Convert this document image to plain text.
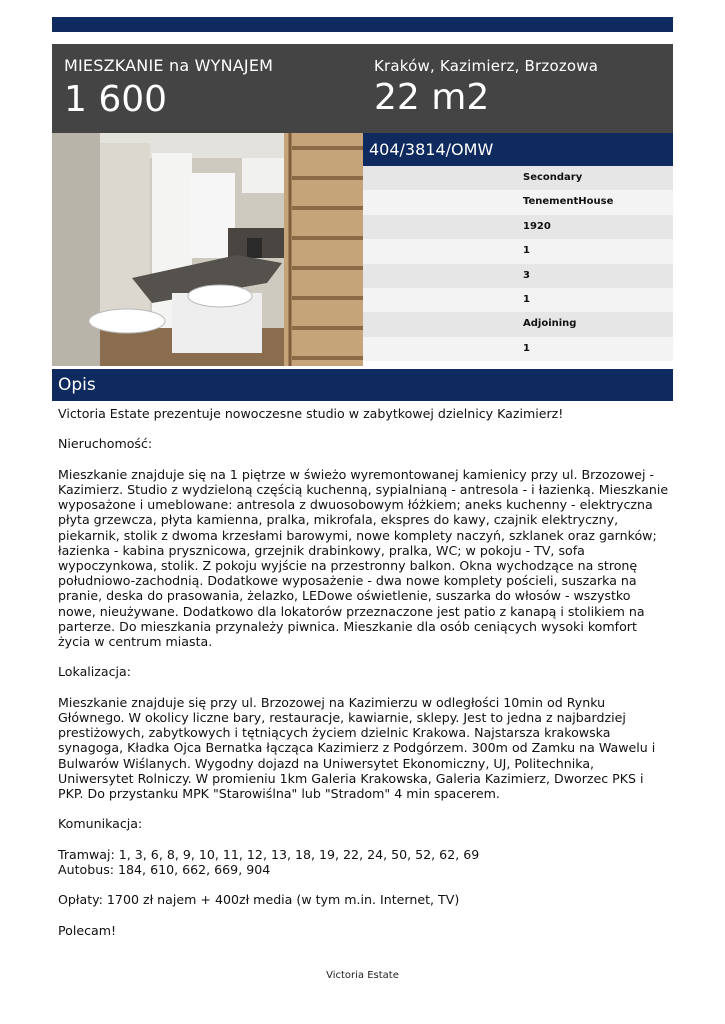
MIESZKANIE na WYNAJEM
1 600
Kraków, Kazimierz, Brzozowa
22 m2
404/3814/OMW
Secondary
TenementHouse
1920
1
3
1
Adjoining
1
Opis

Victoria Estate prezentuje nowoczesne studio w zabytkowej dzielnicy Kazimierz!

Nieruchomość:

Mieszkanie znajduje się na 1 piętrze w świeżo wyremontowanej kamienicy przy ul. Brzozowej - Kazimierz. Studio z wydzieloną częścią kuchenną, sypialnianą - antresola - i łazienką. Mieszkanie wyposażone i umeblowane: antresola z dwuosobowym łóżkiem; aneks kuchenny - elektryczna płyta grzewcza, płyta kamienna, pralka, mikrofala, ekspres do kawy, czajnik elektryczny, piekarnik, stolik z dwoma krzesłami barowymi, nowe komplety naczyń, szklanek oraz garnków; łazienka - kabina prysznicowa, grzejnik drabinkowy, pralka, WC; w pokoju - TV, sofa wypoczynkowa, stolik. Z pokoju wyjście na przestronny balkon. Okna wychodzące na stronę południowo-zachodnią. Dodatkowe wyposażenie - dwa nowe komplety pościeli, suszarka na pranie, deska do prasowania, żelazko, LEDowe oświetlenie, suszarka do włosów - wszystko nowe, nieużywane. Dodatkowo dla lokatorów przeznaczone jest patio z kanapą i stolikiem na parterze. Do mieszkania przynależy piwnica. Mieszkanie dla osób ceniących wysoki komfort życia w centrum miasta.

Lokalizacja:

Mieszkanie znajduje się przy ul. Brzozowej na Kazimierzu w odległości 10min od Rynku Głównego. W okolicy liczne bary, restauracje, kawiarnie, sklepy. Jest to jedna z najbardziej prestiżowych, zabytkowych i tętniących życiem dzielnic Krakowa. Najstarsza krakowska synagoga, Kładka Ojca Bernatka łącząca Kazimierz z Podgórzem. 300m od Zamku na Wawelu i Bulwarów Wiślanych. Wygodny dojazd na Uniwersytet Ekonomiczny, UJ, Politechnika, Uniwersytet Rolniczy. W promieniu 1km Galeria Krakowska, Galeria Kazimierz, Dworzec PKS i PKP. Do przystanku MPK "Starowiślna" lub "Stradom" 4 min spacerem.

Komunikacja:

Tramwaj: 1, 3, 6, 8, 9, 10, 11, 12, 13, 18, 19, 22, 24, 50, 52, 62, 69
Autobus: 184, 610, 662, 669, 904

Opłaty: 1700 zł najem + 400zł media (w tym m.in. Internet, TV)

Polecam!

Victoria Estate
